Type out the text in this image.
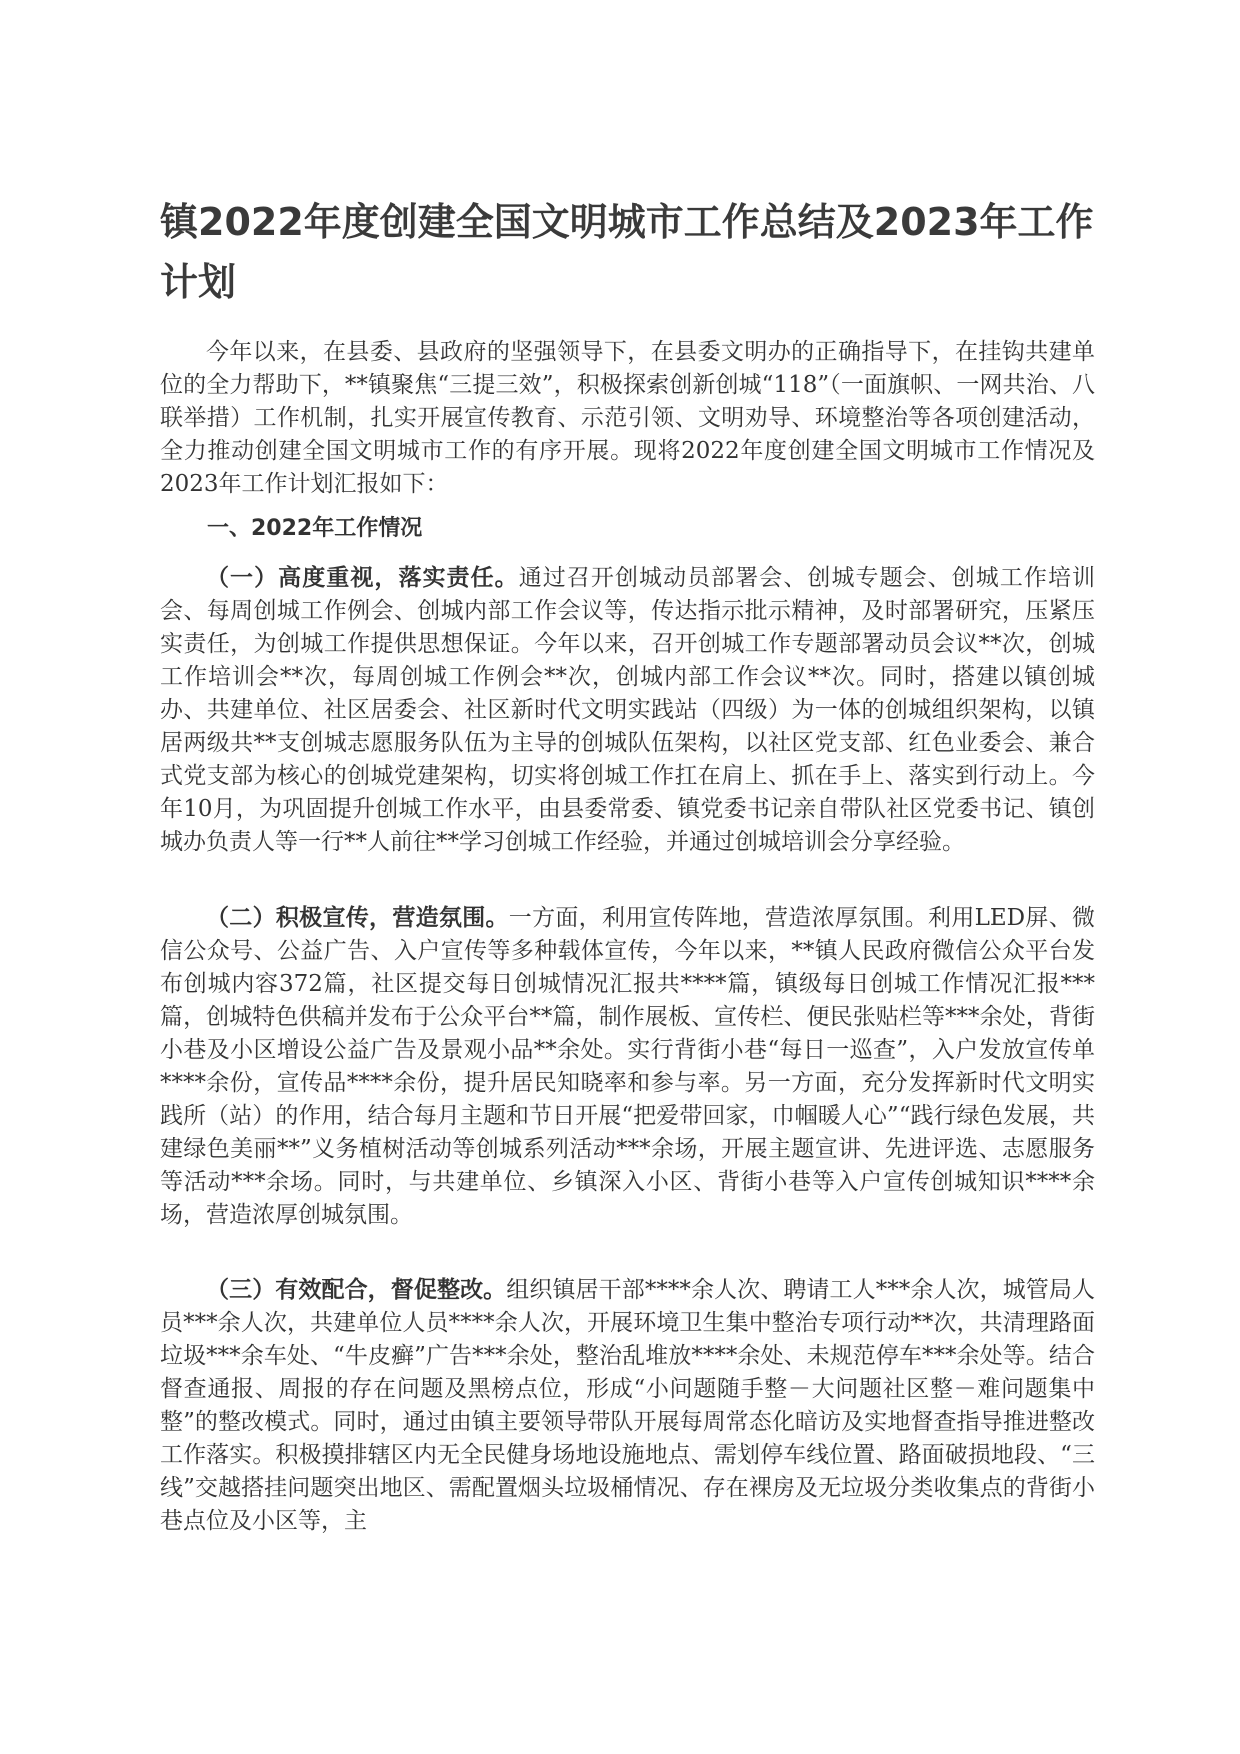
镇2022年度创建全国文明城市工作总结及2023年工作计划

今年以来，在县委、县政府的坚强领导下，在县委文明办的正确指导下，在挂钩共建单位的全力帮助下，**镇聚焦“三提三效”，积极探索创新创城“118”（一面旗帜、一网共治、八联举措）工作机制，扎实开展宣传教育、示范引领、文明劝导、环境整治等各项创建活动，全力推动创建全国文明城市工作的有序开展。现将2022年度创建全国文明城市工作情况及2023年工作计划汇报如下：

一、2022年工作情况

（一）高度重视，落实责任。通过召开创城动员部署会、创城专题会、创城工作培训会、每周创城工作例会、创城内部工作会议等，传达指示批示精神，及时部署研究，压紧压实责任，为创城工作提供思想保证。今年以来，召开创城工作专题部署动员会议**次，创城工作培训会**次，每周创城工作例会**次，创城内部工作会议**次。同时，搭建以镇创城办、共建单位、社区居委会、社区新时代文明实践站（四级）为一体的创城组织架构，以镇居两级共**支创城志愿服务队伍为主导的创城队伍架构，以社区党支部、红色业委会、兼合式党支部为核心的创城党建架构，切实将创城工作扛在肩上、抓在手上、落实到行动上。今年10月，为巩固提升创城工作水平，由县委常委、镇党委书记亲自带队社区党委书记、镇创城办负责人等一行**人前往**学习创城工作经验，并通过创城培训会分享经验。

（二）积极宣传，营造氛围。一方面，利用宣传阵地，营造浓厚氛围。利用LED屏、微信公众号、公益广告、入户宣传等多种载体宣传，今年以来，**镇人民政府微信公众平台发布创城内容372篇，社区提交每日创城情况汇报共****篇，镇级每日创城工作情况汇报***篇，创城特色供稿并发布于公众平台**篇，制作展板、宣传栏、便民张贴栏等***余处，背街小巷及小区增设公益广告及景观小品**余处。实行背街小巷“每日一巡查”，入户发放宣传单****余份，宣传品****余份，提升居民知晓率和参与率。另一方面，充分发挥新时代文明实践所（站）的作用，结合每月主题和节日开展“把爱带回家，巾帼暖人心”“践行绿色发展，共建绿色美丽**”义务植树活动等创城系列活动***余场，开展主题宣讲、先进评选、志愿服务等活动***余场。同时，与共建单位、乡镇深入小区、背街小巷等入户宣传创城知识****余场，营造浓厚创城氛围。

（三）有效配合，督促整改。组织镇居干部****余人次、聘请工人***余人次，城管局人员***余人次，共建单位人员****余人次，开展环境卫生集中整治专项行动**次，共清理路面垃圾***余车处、“牛皮癣”广告***余处，整治乱堆放****余处、未规范停车***余处等。结合督查通报、周报的存在问题及黑榜点位，形成“小问题随手整－大问题社区整－难问题集中整”的整改模式。同时，通过由镇主要领导带队开展每周常态化暗访及实地督查指导推进整改工作落实。积极摸排辖区内无全民健身场地设施地点、需划停车线位置、路面破损地段、“三线”交越搭挂问题突出地区、需配置烟头垃圾桶情况、存在裸房及无垃圾分类收集点的背街小巷点位及小区等，主
